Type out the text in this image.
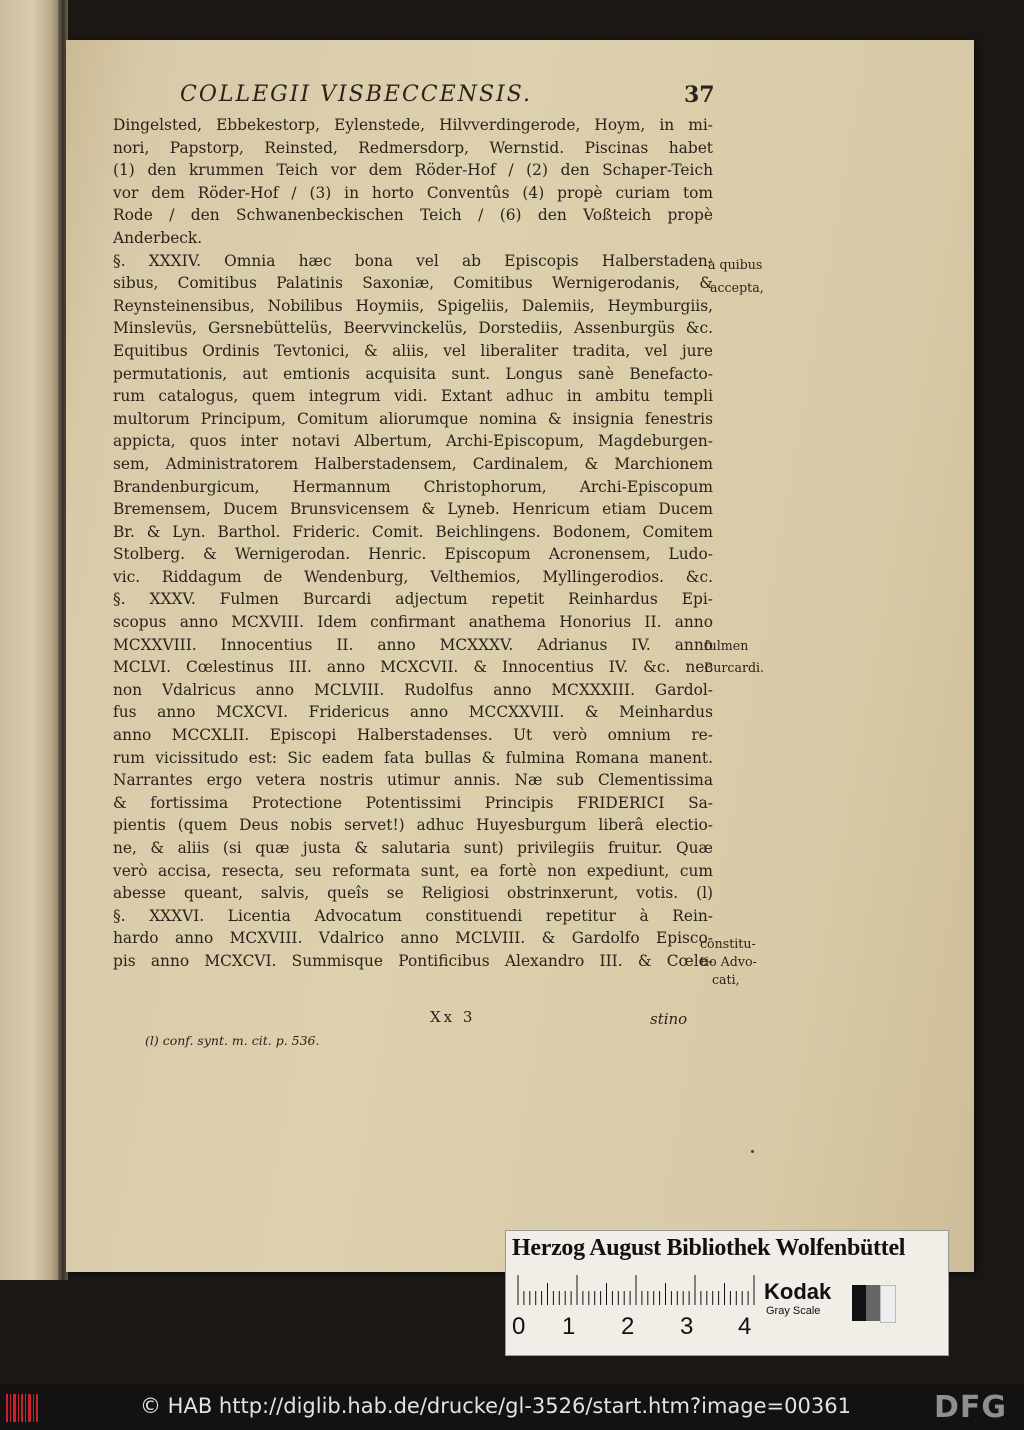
COLLEGII VISBECCENSIS.	37
Dingelsted, Ebbekestorp, Eylenstede, Hilvverdingerode, Hoym, in mi-
nori, Papstorp, Reinsted, Redmersdorp, Wernstid. Piscinas habet
(1) den krummen Teich vor dem Röder-Hof / (2) den Schaper-Teich
vor dem Röder-Hof / (3) in horto Conventûs (4) propè curiam tom
Rode / den Schwanenbeckischen Teich / (6) den Voßteich propè
Anderbeck.
§. XXXIV. Omnia hæc bona vel ab Episcopis Halberstaden-
sibus, Comitibus Palatinis Saxoniæ, Comitibus Wernigerodanis, &
Reynsteinensibus, Nobilibus Hoymiis, Spigeliis, Dalemiis, Heymburgiis,
Minslevüs, Gersnebüttelüs, Beervvinckelüs, Dorstediis, Assenburgüs &c.
Equitibus Ordinis Tevtonici, & aliis, vel liberaliter tradita, vel jure
permutationis, aut emtionis acquisita sunt. Longus sanè Benefacto-
rum catalogus, quem integrum vidi. Extant adhuc in ambitu templi
multorum Principum, Comitum aliorumque nomina & insignia fenestris
appicta, quos inter notavi Albertum, Archi-Episcopum, Magdeburgen-
sem, Administratorem Halberstadensem, Cardinalem, & Marchionem
Brandenburgicum, Hermannum Christophorum, Archi-Episcopum
Bremensem, Ducem Brunsvicensem & Lyneb. Henricum etiam Ducem
Br. & Lyn. Barthol. Frideric. Comit. Beichlingens. Bodonem, Comitem
Stolberg. & Wernigerodan. Henric. Episcopum Acronensem, Ludo-
vic. Riddagum de Wendenburg, Velthemios, Myllingerodios. &c.
§. XXXV. Fulmen Burcardi adjectum repetit Reinhardus Epi-
scopus anno MCXVIII. Idem confirmant anathema Honorius II. anno
MCXXVIII. Innocentius II. anno MCXXXV. Adrianus IV. anno
MCLVI. Cœlestinus III. anno MCXCVII. & Innocentius IV. &c. nec
non Vdalricus anno MCLVIII. Rudolfus anno MCXXXIII. Gardol-
fus anno MCXCVI. Fridericus anno MCCXXVIII. & Meinhardus
anno MCCXLII. Episcopi Halberstadenses. Ut verò omnium re-
rum vicissitudo est: Sic eadem fata bullas & fulmina Romana manent.
Narrantes ergo vetera nostris utimur annis. Næ sub Clementissima
& fortissima Protectione Potentissimi Principis FRIDERICI Sa-
pientis (quem Deus nobis servet!) adhuc Huyesburgum liberâ electio-
ne, & aliis (si quæ justa & salutaria sunt) privilegiis fruitur. Quæ
verò accisa, resecta, seu reformata sunt, ea fortè non expediunt, cum
abesse queant, salvis, queîs se Religiosi obstrinxerunt, votis. (l)
§. XXXVI. Licentia Advocatum constituendi repetitur à Rein-
hardo anno MCXVIII. Vdalrico anno MCLVIII. & Gardolfo Episco-
pis anno MCXCVI. Summisque Pontificibus Alexandro III. & Cœle-
à quibus
accepta,
fulmen
Burcardi.
constitu-
tio Advo-
cati,
Xx 3	stino
(l) conf. synt. m. cit. p. 536.
Herzog August Bibliothek Wolfenbüttel
0 1 2 3 4
Kodak
Gray Scale
© HAB http://diglib.hab.de/drucke/gl-3526/start.htm?image=00361	DFG
